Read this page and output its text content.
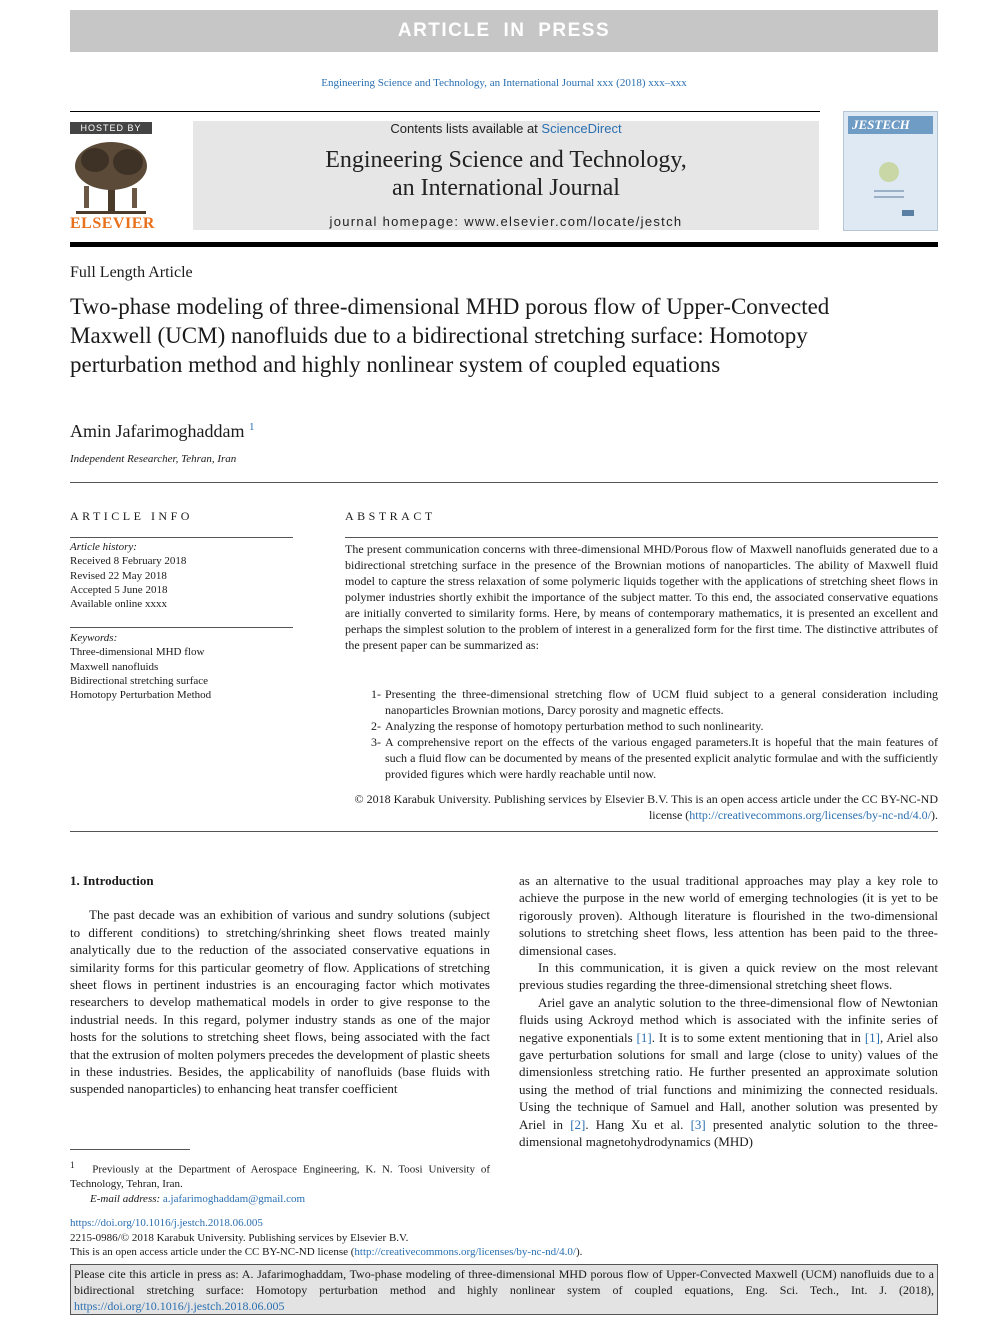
ARTICLE IN PRESS
Engineering Science and Technology, an International Journal xxx (2018) xxx–xxx
HOSTED BY
ELSEVIER
Contents lists available at ScienceDirect
Engineering Science and Technology,
an International Journal
journal homepage: www.elsevier.com/locate/jestch
JESTECH
Full Length Article
Two-phase modeling of three-dimensional MHD porous flow of Upper-Convected Maxwell (UCM) nanofluids due to a bidirectional stretching surface: Homotopy perturbation method and highly nonlinear system of coupled equations
Amin Jafarimoghaddam $^1$
Independent Researcher, Tehran, Iran
ARTICLE INFO	ABSTRACT
Article history:
Received 8 February 2018
Revised 22 May 2018
Accepted 5 June 2018
Available online xxxx
Keywords:
Three-dimensional MHD flow
Maxwell nanofluids
Bidirectional stretching surface
Homotopy Perturbation Method
The present communication concerns with three-dimensional MHD/Porous flow of Maxwell nanofluids generated due to a bidirectional stretching surface in the presence of the Brownian motions of nanoparticles. The ability of Maxwell fluid model to capture the stress relaxation of some polymeric liquids together with the applications of stretching sheet flows in polymer industries shortly exhibit the importance of the subject matter. To this end, the associated conservative equations are initially converted to similarity forms. Here, by means of contemporary mathematics, it is presented an excellent and perhaps the simplest solution to the problem of interest in a generalized form for the first time. The distinctive attributes of the present paper can be summarized as:
1- Presenting the three-dimensional stretching flow of UCM fluid subject to a general consideration including nanoparticles Brownian motions, Darcy porosity and magnetic effects.
2- Analyzing the response of homotopy perturbation method to such nonlinearity.
3- A comprehensive report on the effects of the various engaged parameters.It is hopeful that the main features of such a fluid flow can be documented by means of the presented explicit analytic formulae and with the sufficiently provided figures which were hardly reachable until now.
© 2018 Karabuk University. Publishing services by Elsevier B.V. This is an open access article under the CC BY-NC-ND license (http://creativecommons.org/licenses/by-nc-nd/4.0/).

1. Introduction

The past decade was an exhibition of various and sundry solutions (subject to different conditions) to stretching/shrinking sheet flows treated mainly analytically due to the reduction of the associated conservative equations in similarity forms for this particular geometry of flow. Applications of stretching sheet flows in pertinent industries is an encouraging factor which motivates researchers to develop mathematical models in order to give response to the industrial needs. In this regard, polymer industry stands as one of the major hosts for the solutions to stretching sheet flows, being associated with the fact that the extrusion of molten polymers precedes the development of plastic sheets in these industries. Besides, the applicability of nanofluids (base fluids with suspended nanoparticles) to enhancing heat transfer coefficient

as an alternative to the usual traditional approaches may play a key role to achieve the purpose in the new world of emerging technologies (it is yet to be rigorously proven). Although literature is flourished in the two-dimensional solutions to stretching sheet flows, less attention has been paid to the three-dimensional cases.

In this communication, it is given a quick review on the most relevant previous studies regarding the three-dimensional stretching sheet flows.

Ariel gave an analytic solution to the three-dimensional flow of Newtonian fluids using Ackroyd method which is associated with the infinite series of negative exponentials [1]. It is to some extent mentioning that in [1], Ariel also gave perturbation solutions for small and large (close to unity) values of the dimensionless stretching ratio. He further presented an approximate solution using the method of trial functions and minimizing the connected residuals. Using the technique of Samuel and Hall, another solution was presented by Ariel in [2]. Hang Xu et al. [3] presented analytic solution to the three-dimensional magnetohydrodynamics (MHD)

$^1$ Previously at the Department of Aerospace Engineering, K. N. Toosi University of Technology, Tehran, Iran.
E-mail address: a.jafarimoghaddam@gmail.com
https://doi.org/10.1016/j.jestch.2018.06.005
2215-0986/© 2018 Karabuk University. Publishing services by Elsevier B.V.
This is an open access article under the CC BY-NC-ND license (http://creativecommons.org/licenses/by-nc-nd/4.0/).
Please cite this article in press as: A. Jafarimoghaddam, Two-phase modeling of three-dimensional MHD porous flow of Upper-Convected Maxwell (UCM) nanofluids due to a bidirectional stretching surface: Homotopy perturbation method and highly nonlinear system of coupled equations, Eng. Sci. Tech., Int. J. (2018), https://doi.org/10.1016/j.jestch.2018.06.005
